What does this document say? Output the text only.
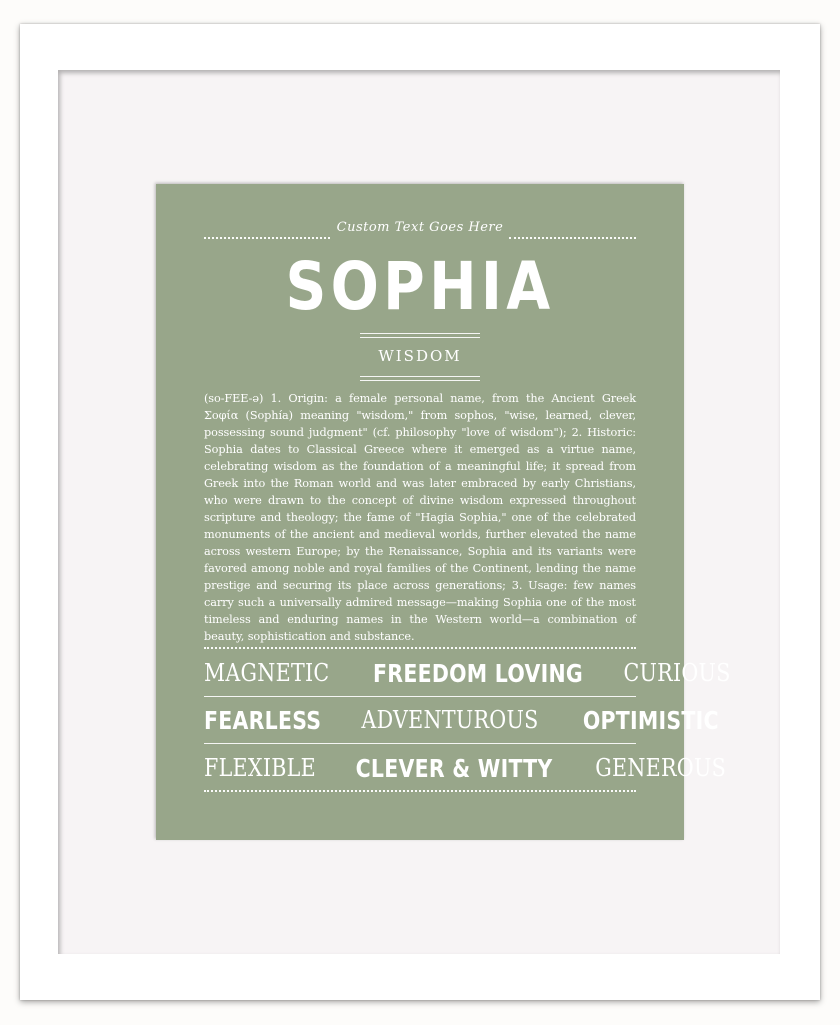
Custom Text Goes Here
SOPHIA
WISDOM
(so-FEE-ə) 1. Origin: a female personal name, from the Ancient Greek Σοφία (Sophía) meaning "wisdom," from sophos, "wise, learned, clever, possessing sound judgment" (cf. philosophy "love of wisdom"); 2. Historic: Sophia dates to Classical Greece where it emerged as a virtue name, celebrating wisdom as the foundation of a meaningful life; it spread from Greek into the Roman world and was later embraced by early Christians, who were drawn to the concept of divine wisdom expressed throughout scripture and theology; the fame of "Hagia Sophia," one of the celebrated monuments of the ancient and medieval worlds, further elevated the name across western Europe; by the Renaissance, Sophia and its variants were favored among noble and royal families of the Continent, lending the name prestige and securing its place across generations; 3. Usage: few names carry such a universally admired message—making Sophia one of the most timeless and enduring names in the Western world—a combination of beauty, sophistication and substance.
MAGNETIC FREEDOM LOVING CURIOUS
FEARLESS ADVENTUROUS OPTIMISTIC
FLEXIBLE CLEVER & WITTY GENEROUS
